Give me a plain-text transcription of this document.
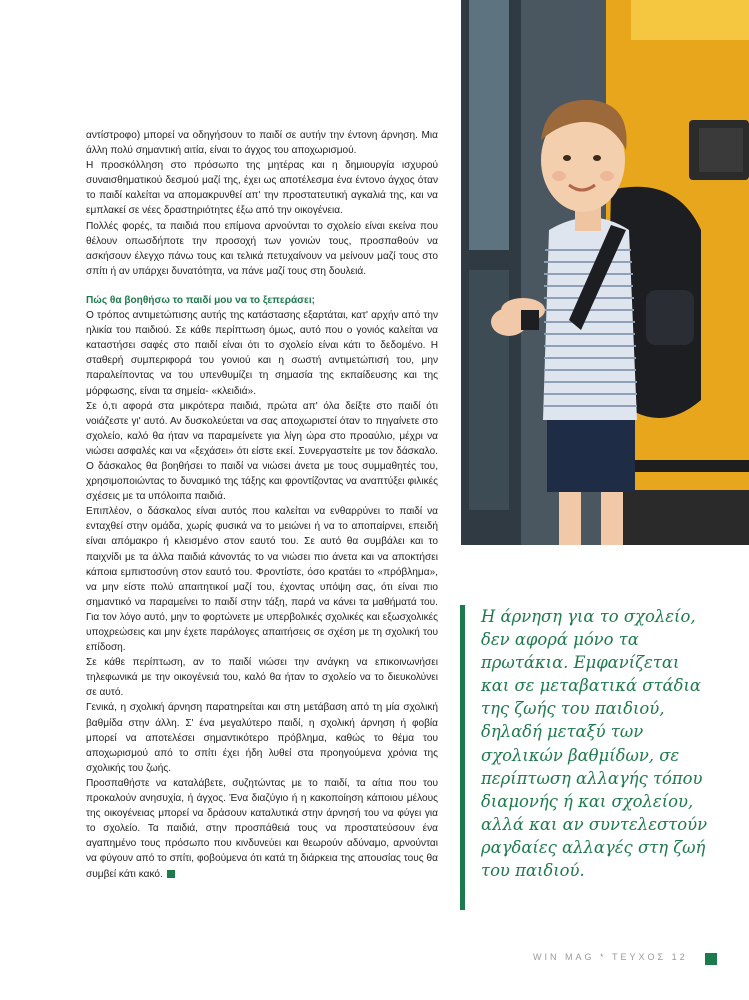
αντίστροφο) μπορεί να οδηγήσουν το παιδί σε αυτήν την έντονη άρνηση. Μια άλλη πολύ σημαντική αιτία, είναι το άγχος του αποχωρισμού.

Η προσκόλληση στο πρόσωπο της μητέρας και η δημιουργία ισχυρού συναισθηματικού δεσμού μαζί της, έχει ως αποτέλεσμα ένα έντονο άγχος όταν το παιδί καλείται να απομακρυνθεί απ' την προστατευτική αγκαλιά της, και να εμπλακεί σε νέες δραστηριότητες έξω από την οικογένεια.

Πολλές φορές, τα παιδιά που επίμονα αρνούνται το σχολείο είναι εκείνα που θέλουν οπωσδήποτε την προσοχή των γονιών τους, προσπαθούν να ασκήσουν έλεγχο πάνω τους και τελικά πετυχαίνουν να μείνουν μαζί τους στο σπίτι ή αν υπάρχει δυνατότητα, να πάνε μαζί τους στη δουλειά.

Πώς θα βοηθήσω το παιδί μου να το ξεπεράσει;

Ο τρόπος αντιμετώπισης αυτής της κατάστασης εξαρτάται, κατ' αρχήν από την ηλικία του παιδιού. Σε κάθε περίπτωση όμως, αυτό που ο γονιός καλείται να καταστήσει σαφές στο παιδί είναι ότι το σχολείο είναι κάτι το δεδομένο. Η σταθερή συμπεριφορά του γονιού και η σωστή αντιμετώπισή του, μην παραλείποντας να του υπενθυμίζει τη σημασία της εκπαίδευσης και της μόρφωσης, είναι τα σημεία- «κλειδιά».

Σε ό,τι αφορά στα μικρότερα παιδιά, πρώτα απ' όλα δείξτε στο παιδί ότι νοιάζεστε γι' αυτό. Αν δυσκολεύεται να σας αποχωριστεί όταν το πηγαίνετε στο σχολείο, καλό θα ήταν να παραμείνετε για λίγη ώρα στο προαύλιο, μέχρι να νιώσει ασφαλές και να «ξεχάσει» ότι είστε εκεί. Συνεργαστείτε με τον δάσκαλο. Ο δάσκαλος θα βοηθήσει το παιδί να νιώσει άνετα με τους συμμαθητές του, χρησιμοποιώντας το δυναμικό της τάξης και φροντίζοντας να αναπτύξει φιλικές σχέσεις με τα υπόλοιπα παιδιά.

Επιπλέον, ο δάσκαλος είναι αυτός που καλείται να ενθαρρύνει το παιδί να ενταχθεί στην ομάδα, χωρίς φυσικά να το μειώνει ή να το αποπαίρνει, επειδή είναι απόμακρο ή κλεισμένο στον εαυτό του. Σε αυτό θα συμβάλει και το παιχνίδι με τα άλλα παιδιά κάνοντάς το να νιώσει πιο άνετα και να αποκτήσει κάποια εμπιστοσύνη στον εαυτό του. Φροντίστε, όσο κρατάει το «πρόβλημα», να μην είστε πολύ απαιτητικοί μαζί του, έχοντας υπόψη σας, ότι είναι πιο σημαντικό να παραμείνει το παιδί στην τάξη, παρά να κάνει τα μαθήματά του. Για τον λόγο αυτό, μην το φορτώνετε με υπερβολικές σχολικές και εξωσχολικές υποχρεώσεις και μην έχετε παράλογες απαιτήσεις σε σχέση με τη σχολική του επίδοση.

Σε κάθε περίπτωση, αν το παιδί νιώσει την ανάγκη να επικοινωνήσει τηλεφωνικά με την οικογένειά του, καλό θα ήταν το σχολείο να το διευκολύνει σε αυτό.

Γενικά, η σχολική άρνηση παρατηρείται και στη μετάβαση από τη μία σχολική βαθμίδα στην άλλη. Σ' ένα μεγαλύτερο παιδί, η σχολική άρνηση ή φοβία μπορεί να αποτελέσει σημαντικότερο πρόβλημα, καθώς το θέμα του αποχωρισμού από το σπίτι έχει ήδη λυθεί στα προηγούμενα χρόνια της σχολικής του ζωής.

Προσπαθήστε να καταλάβετε, συζητώντας με το παιδί, τα αίτια που του προκαλούν ανησυχία, ή άγχος. Ένα διαζύγιο ή η κακοποίηση κάποιου μέλους της οικογένειας μπορεί να δράσουν καταλυτικά στην άρνησή του να φύγει για το σχολείο. Τα παιδιά, στην προσπάθειά τους να προστατεύσουν ένα αγαπημένο τους πρόσωπο που κινδυνεύει και θεωρούν αδύναμο, αρνούνται να φύγουν από το σπίτι, φοβούμενα ότι κατά τη διάρκεια της απουσίας τους θα συμβεί κάτι κακό.

Η άρνηση για το σχολείο, δεν αφορά μόνο τα πρωτάκια. Εμφανίζεται και σε μεταβατικά στάδια της ζωής του παιδιού, δηλαδή μεταξύ των σχολικών βαθμίδων, σε περίπτωση αλλαγής τόπου διαμονής ή και σχολείου, αλλά και αν συντελεστούν ραγδαίες αλλαγές στη ζωή του παιδιού.

WIN MAG * ΤΕΥΧΟΣ 12
